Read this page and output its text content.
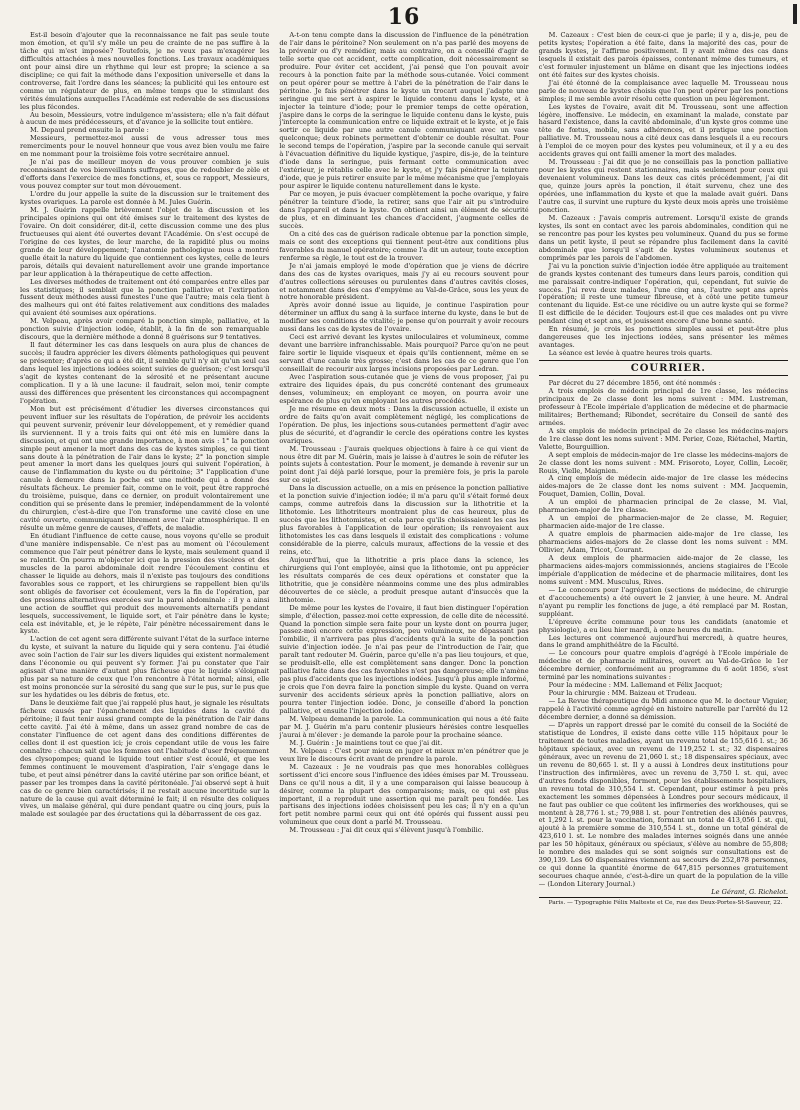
16

Est-il besoin d'ajouter que la reconnaissance ne fait pas seule toute mon émotion, et qu'il s'y mêle un peu de crainte de ne pas suffire à la tâche qui m'est imposée? Toutefois, je ne veux pas m'exagérer les difficultés attachées à mes nouvelles fonctions. Les travaux académiques ont pour ainsi dire un rhythme qui leur est propre; la science a sa discipline; ce qui fait la méthode dans l'exposition universelle et dans la controverse, fait l'ordre dans les séances; la publicité qui les entoure est comme un régulateur de plus, en même temps que le stimulant des vérités émulations auxquelles l'Académie est redevable de ses discussions les plus fécondes.

Au besoin, Messieurs, votre indulgence m'assistera; elle n'a fait défaut à aucun de mes prédécesseurs, et d'avance je la sollicite tout entière.

M. Depaul prend ensuite la parole :

Messieurs, permettez-moi aussi de vous adresser tous mes remerciments pour le nouvel honneur que vous avez bien voulu me faire en me nommant pour la troisième fois votre secrétaire annuel.

Je n'ai pas de meilleur moyen de vous prouver combien je suis reconnaissant de vos bienveillants suffrages, que de redoubler de zèle et d'efforts dans l'exercice de mes fonctions, et, sous ce rapport, Messieurs, vous pouvez compter sur tout mon dévouement.

L'ordre du jour appelle la suite de la discussion sur le traitement des kystes ovariques. La parole est donnée à M. Jules Guérin.

M. J. Guérin rappelle brièvement l'objet de la discussion et les principales opinions qui ont été émises sur le traitement des kystes de l'ovaire. On doit considérer, dit-il, cette discussion comme une des plus fructueuses qui aient été ouvertes devant l'Académie. On s'est occupé de l'origine de ces kystes, de leur marche, de la rapidité plus ou moins grande de leur développement; l'anatomie pathologique nous a montré quelle était la nature du liquide que contiennent ces kystes, celle de leurs parois, détails qui devaient naturellement avoir une grande importance par leur application à la thérapeutique de cette affection.

Les diverses méthodes de traitement ont été comparées entre elles par les statistiques; il semblait que la ponction palliative et l'extirpation fussent deux méthodes aussi funestes l'une que l'autre; mais cela tient à des malheurs qui ont été faites relativement aux conditions des malades qui avaient été soumises aux opérations.

M. Velpeau, après avoir comparé la ponction simple, palliative, et la ponction suivie d'injection iodée, établit, à la fin de son remarquable discours, que la dernière méthode a donné 8 guérisons sur 9 tentatives.

Il faut déterminer les cas dans lesquels on aura plus de chances de succès; il faudra apprécier les divers éléments pathologiques qui peuvent se présenter; d'après ce qui a été dit, il semble qu'il n'y ait qu'un seul cas dans lequel les injections iodées soient suivies de guérison; c'est lorsqu'il s'agit de kystes contenant de la sérosité et ne présentant aucune complication. Il y a là une lacune: il faudrait, selon moi, tenir compte aussi des différences que présentent les circonstances qui accompagnent l'opération.

Mon but est précisément d'étudier les diverses circonstances qui peuvent influer sur les résultats de l'opération, de prévoir les accidents qui peuvent survenir, prévenir leur développement, et y remédier quand ils surviennent. Il y a trois faits qui ont été mis en lumière dans la discussion, et qui ont une grande importance, à mon avis : 1° la ponction simple peut amener la mort dans des cas de kystes simples, ce qui tient sans doute à la pénétration de l'air dans le kyste; 2° la ponction simple peut amener la mort dans les quelques jours qui suivent l'opération, à cause de l'inflammation du kyste ou du péritoine; 3° l'application d'une canule à demeure dans la poche est une méthode qui a donné des résultats fâcheux. Le premier fait, comme on le voit, peut être rapproché du troisième, puisque, dans ce dernier, on produit volontairement une condition qui se présente dans le premier, indépendamment de la volonté du chirurgien, c'est-à-dire que l'on transforme une cavité close en une cavité ouverte, communiquant librement avec l'air atmosphérique. Il en résulte un même genre de causes, d'effets, de maladie.

En étudiant l'influence de cette cause, nous voyons qu'elle se produit d'une manière indispensable. Ce n'est pas au moment où l'écoulement commence que l'air peut pénétrer dans le kyste, mais seulement quand il se ralentit. On pourra m'objecter ici que la pression des viscères et des muscles de la paroi abdominale doit rendre l'écoulement continu et chasser le liquide au dehors, mais il n'existe pas toujours des conditions favorables sous ce rapport, et les chirurgiens se rappellent bien qu'ils sont obligés de favoriser cet écoulement, vers la fin de l'opération, par des pressions alternatives exercées sur la paroi abdominale : il y a ainsi une action de soufflet qui produit des mouvements alternatifs pendant lesquels, successivement, le liquide sort, et l'air pénètre dans le kyste; cela est inévitable, et, je le répète, l'air pénètre nécessairement dans le kyste.

L'action de cet agent sera différente suivant l'état de la surface interne du kyste, et suivant la nature du liquide qui y sera contenu. J'ai étudié avec soin l'action de l'air sur les divers liquides qui existent normalement dans l'économie ou qui peuvent s'y former. J'ai pu constater que l'air agissait d'une manière d'autant plus fâcheuse que le liquide s'éloignait plus par sa nature de ceux que l'on rencontre à l'état normal; ainsi, elle est moins prononcée sur la sérosité du sang que sur le pus, sur le pus que sur les hydatides ou les débris de fœtus, etc.

Dans le deuxième fait que j'ai rappelé plus haut, je signale les résultats fâcheux causés par l'épanchement des liquides dans la cavité du péritoine; il faut tenir aussi grand compte de la pénétration de l'air dans cette cavité. J'ai été à même, dans un assez grand nombre de cas de constater l'influence de cet agent dans des conditions différentes de celles dont il est question ici; je crois cependant utile de vous les faire connaître : chacun sait que les femmes ont l'habitude d'user fréquemment des clysopompes; quand le liquide tout entier s'est écoulé, et que les femmes continuent le mouvement d'aspiration, l'air s'engage dans le tube, et peut ainsi pénétrer dans la cavité utérine par son orifice béant, et passer par les trompes dans la cavité péritonéale. J'ai observé sept à huit cas de ce genre bien caractérisés; il ne restait aucune incertitude sur la nature de la cause qui avait déterminé le fait; il en résulte des coliques vives, un malaise général, qui dure pendant quatre ou cinq jours, puis la malade est soulagée par des éructations qui la débarrassent de ces gaz.

A-t-on tenu compte dans la discussion de l'influence de la pénétration de l'air dans le péritoine? Non seulement on n'a pas parlé des moyens de la prévenir ou d'y remédier, mais au contraire, on a conseillé d'agir de telle sorte que cet accident, cette complication, doit nécessairement se produire. Pour éviter cet accident, j'ai pensé que l'on pouvait avoir recours à la ponction faite par la méthode sous-cutanée. Voici comment on peut opérer pour se mettre à l'abri de la pénétration de l'air dans le péritoine. Je fais pénétrer dans le kyste un trocart auquel j'adapte une seringue qui me sert à aspirer le liquide contenu dans le kyste, et à injecter la teinture d'iode; pour le premier temps de cette opération, j'aspire dans le corps de la seringue le liquide contenu dans le kyste, puis j'intercepte la communication entre ce liquide extrait et le kyste, et je fais sortir ce liquide par une autre canule communiquant avec un vase quelconque; deux robinets permettent d'obtenir ce double résultat. Pour le second temps de l'opération, j'aspire par la seconde canule qui servait à l'évacuation définitive du liquide kystique, j'aspire, dis-je, de la teinture d'iode dans la seringue, puis fermant cette communication avec l'extérieur, je rétablis celle avec le kyste, et j'y fais pénétrer la teinture d'iode, que je puis retirer ensuite par le même mécanisme que j'employais pour aspirer le liquide contenu naturellement dans le kyste.

Par ce moyen, je puis évacuer complètement la poche ovarique, y faire pénétrer la teinture d'iode, la retirer, sans que l'air ait pu s'introduire dans l'appareil et dans le kyste. On obtient ainsi un élément de sécurité de plus, et en diminuant les chances d'accident, j'augmente celles de succès.

On a cité des cas de guérison radicale obtenue par la ponction simple, mais ce sont des exceptions qui tiennent peut-être aux conditions plus favorables du manuel opératoire; comme l'a dit un auteur, toute exception renferme sa règle, le tout est de la trouver.

Je n'ai jamais employé le mode d'opération que je viens de décrire dans des cas de kystes ovariques, mais j'y ai eu recours souvent pour d'autres collections séreuses ou purulentes dans d'autres cavités closes, et notamment dans des cas d'empyème au Val-de-Grâce, sous les yeux de notre honorable président.

Après avoir donné issue au liquide, je continue l'aspiration pour déterminer un afflux du sang à la surface interne du kyste, dans le but de modifier ses conditions de vitalité; je pense qu'on pourrait y avoir recours aussi dans les cas de kystes de l'ovaire.

Ceci est arrivé devant les kystes uniloculaires et volumineux, comme devant une barrière infranchissable. Mais pourquoi? Parce qu'on ne peut faire sortir le liquide visqueux et épais qu'ils contiennent, même en se servant d'une canule très grosse; c'est dans les cas de ce genre que l'on conseillait de recourir aux larges incisions proposées par Ledran.

Avec l'aspiration sous-cutanée que je viens de vous proposer, j'ai pu extraire des liquides épais, du pus concrété contenant des grumeaux denses, volumineux; en employant ce moyen, on pourra avoir une espérance de plus qu'en employant les autres procédés.

Je me résume en deux mots : Dans la discussion actuelle, il existe un ordre de faits qu'on avait complètement négligé, les complications de l'opération. De plus, les injections sous-cutanées permettent d'agir avec plus de sécurité, et d'agrandir le cercle des opérations contre les kystes ovariques.

M. Trousseau : J'aurais quelques objections à faire à ce qui vient de nous être dit par M. Guérin, mais je laisse à d'autres le soin de réfuter les points sujets à contestation. Pour le moment, je demande à revenir sur un point dont j'ai déjà parlé lorsque, pour la première fois, je pris la parole sur ce sujet.

Dans la discussion actuelle, on a mis en présence la ponction palliative et la ponction suivie d'injection iodée; il m'a paru qu'il s'était formé deux camps, comme autrefois dans la discussion sur la lithotritie et la lithotomie. Les lithotriteurs montraient plus de cas heureux, plus de succès que les lithotomistes, et cela parce qu'ils choisissaient les cas les plus favorables à l'application de leur opération; ils renvoyaient aux lithotomistes les cas dans lesquels il existait des complications : volume considérable de la pierre, calculs muraux, affections de la vessie et des reins, etc.

Aujourd'hui, que la lithotritie a pris place dans la science, les chirurgiens qui l'ont employée, ainsi que la lithotomie, ont pu apprécier les résultats comparés de ces deux opérations et constater que la lithotritie, que je considère néanmoins comme une des plus admirables découvertes de ce siècle, a produit presque autant d'insuccès que la lithotomie.

De même pour les kystes de l'ovaire, il faut bien distinguer l'opération simple, d'élection, passez-moi cette expression, de celle dite de nécessité. Quand la ponction simple sera faite pour un kyste dont on pourra juger, passez-moi encore cette expression, peu volumineux, ne dépassant pas l'ombilic, il n'arrivera pas plus d'accidents qu'à la suite de la ponction suivie d'injection iodée. Je n'ai pas peur de l'introduction de l'air, que paraît tant redouter M. Guérin, parce qu'elle n'a pas lieu toujours, et que, se produisît-elle, elle est complètement sans danger. Donc la ponction palliative faite dans des cas favorables n'est pas dangereuse; elle n'amène pas plus d'accidents que les injections iodées. Jusqu'à plus ample informé, je crois que l'on devra faire la ponction simple du kyste. Quand on verra survenir des accidents sérieux après la ponction palliative, alors on pourra tenter l'injection iodée. Donc, je conseille d'abord la ponction palliative, et ensuite l'injection iodée.

M. Velpeau demande la parole. La communication qui nous a été faite par M. J. Guérin m'a paru contenir plusieurs hérésies contre lesquelles j'aurai à m'élever : je demande la parole pour la prochaine séance.

M. J. Guérin : Je maintiens tout ce que j'ai dit.

M. Velpeau : C'est pour mieux en juger et mieux m'en pénétrer que je veux lire le discours écrit avant de prendre la parole.

M. Cazeaux : Je ne voudrais pas que mes honorables collègues sortissent d'ici encore sous l'influence des idées émises par M. Trousseau. Dans ce qu'il nous a dit, il y a une comparaison qui laisse beaucoup à désirer, comme la plupart des comparaisons; mais, ce qui est plus important, il a reproduit une assertion qui me paraît peu fondée. Les partisans des injections iodées choisissent peu les cas; il n'y en a qu'un fort petit nombre parmi ceux qui ont été opérés qui fussent aussi peu volumineux que ceux dont a parlé M. Trousseau.

M. Trousseau : J'ai dit ceux qui s'élèvent jusqu'à l'ombilic.

M. Cazeaux : C'est bien de ceux-ci que je parle; il y a, dis-je, peu de petits kystes; l'opération a été faite, dans la majorité des cas, pour de grands kystes, je l'affirme positivement. Il y avait même des cas dans lesquels il existait des parois épaisses, contenant même des tumeurs, et c'est formuler injustement un blâme en disant que les injections iodées ont été faites sur des kystes choisis.

J'ai été étonné de la complaisance avec laquelle M. Trousseau nous parle de nouveau de kystes choisis que l'on peut opérer par les ponctions simples; il me semble avoir résolu cette question un peu légèrement.

Les kystes de l'ovaire, avait dit M. Trousseau, sont une affection légère, inoffensive. Le médecin, en examinant la malade, constate par hasard l'existence, dans la cavité abdominale, d'un kyste gros comme une tête de fœtus, mobile, sans adhérences, et il pratique une ponction palliative. M. Trousseau nous a cité deux cas dans lesquels il a eu recours à l'emploi de ce moyen pour des kystes peu volumineux, et il y a eu des accidents graves qui ont failli amener la mort des malades.

M. Trousseau : J'ai dit que je ne conseillais pas la ponction palliative pour les kystes qui restent stationnaires, mais seulement pour ceux qui devenaient volumineux. Dans les deux cas cités précédemment, j'ai dit que, quinze jours après la ponction, il était survenu, chez une des opérées, une inflammation du kyste et que la malade avait guéri. Dans l'autre cas, il survint une rupture du kyste deux mois après une troisième ponction.

M. Cazeaux : J'avais compris autrement. Lorsqu'il existe de grands kystes, ils sont en contact avec les parois abdominales, condition qui ne se rencontre pas pour les kystes peu volumineux. Quand du pus se forme dans un petit kyste, il peut se répandre plus facilement dans la cavité abdominale que lorsqu'il s'agit de kystes volumineux soutenus et comprimés par les parois de l'abdomen.

J'ai vu la ponction suivie d'injection iodée être appliquée au traitement de grands kystes contenant des tumeurs dans leurs parois, condition qui me paraissait contre-indiquer l'opération, qui, cependant, fut suivie de succès. J'ai revu deux malades, l'une cinq ans, l'autre sept ans après l'opération; il reste une tumeur fibreuse, et à côté une petite tumeur contenant du liquide. Est-ce une récidive ou un autre kyste qui se forme? Il est difficile de le décider. Toujours est-il que ces malades ont pu vivre pendant cinq et sept ans, et jouissent encore d'une bonne santé.

En résumé, je crois les ponctions simples aussi et peut-être plus dangereuses que les injections iodées, sans présenter les mêmes avantages.

La séance est levée à quatre heures trois quarts.

COURRIER.

Par décret du 27 décembre 1856, ont été nommés :

A trois emplois de médecin principal de 1re classe, les médecins principaux de 2e classe dont les noms suivent : MM. Lustreman, professeur à l'Ecole impériale d'application de médecine et de pharmacie militaires; Berthemand; Ribondet, secrétaire du Conseil de santé des armées.

A six emplois de médecin principal de 2e classe les médecins-majors de 1re classe dont les noms suivent : MM. Perier, Coze, Riétachel, Martin, Valette, Bourguillion.

A sept emplois de médecin-major de 1re classe les médecins-majors de 2e classe dont les noms suivent : MM. Frisoroto, Loyer, Collin, Lecoër, Rouis, Vielle, Maignien.

A cinq emplois de médecin aide-major de 1re classe les médecins aides-majors de 2e classe dont les noms suivent : MM. Jacquemin, Fouquet, Damien, Collin, Doval.

A un emploi de pharmacien principal de 2e classe, M. Vial, pharmacien-major de 1re classe.

A un emploi de pharmacien-major de 2e classe, M. Reguier, pharmacien aide-major de 1re classe.

A quatre emplois de pharmacien aide-major de 1re classe, les pharmaciens aides-majors de 2e classe dont les noms suivent : MM. Ollivier, Adam, Tricot, Courant.

A deux emplois de pharmacien aide-major de 2e classe, les pharmaciens aides-majors commissionnés, anciens stagiaires de l'Ecole impériale d'application de médecine et de pharmacie militaires, dont les noms suivent : MM. Musculus, Rives.

— Le concours pour l'agrégation (sections de médecine, de chirurgie et d'accouchements) a été ouvert le 2 janvier, à une heure. M. Andral n'ayant pu remplir les fonctions de juge, a été remplacé par M. Rostan, suppléant.

L'épreuve écrite commune pour tous les candidats (anatomie et physiologie), a eu lieu hier mardi, à onze heures du matin.

Les lectures ont commencé aujourd'hui mercredi, à quatre heures, dans le grand amphithéâtre de la Faculté.

— Le concours pour quatre emplois d'agrégé à l'Ecole impériale de médecine et de pharmacie militaires, ouvert au Val-de-Grâce le 1er décembre dernier, conformément au programme du 6 août 1856, s'est terminé par les nominations suivantes :

Pour la médecine : MM. Lallemand et Félix Jacquot;

Pour la chirurgie : MM. Baizeau et Trudeau.

— La Revue thérapeutique du Midi annonce que M. le docteur Viguier, rappelé à l'activité comme agrégé en histoire naturelle par l'arrêté du 12 décembre dernier, a donné sa démission.

— D'après un rapport dressé par le comité du conseil de la Société de statistique de Londres, il existe dans cette ville 115 hôpitaux pour le traitement de toutes maladies, ayant un revenu total de 155,616 l. st.; 36 hôpitaux spéciaux, avec un revenu de 119,252 l. st.; 32 dispensaires généraux, avec un revenu de 21,060 l. st.; 18 dispensaires spéciaux, avec un revenu de 80,665 l. st. Il y a aussi à Londres deux institutions pour l'instruction des infirmières, avec un revenu de 3,750 l. st. qui, avec d'autres fonds disponibles, forment, pour les établissements hospitaliers, un revenu total de 310,554 l. st. Cependant, pour estimer à peu près exactement les sommes dépensées à Londres pour secours médicaux, il ne faut pas oublier ce que coûtent les infirmeries des workhouses, qui se montent à 28,776 l. st.; 79,988 l. st. pour l'entretien des aliénés pauvres, et 1,292 l. st. pour la vaccination, formant un total de 413,056 l. st. qui, ajouté à la première somme de 310,554 l. st., donne un total général de 423,610 l. st. Le nombre des malades internes soignés dans une année par les 50 hôpitaux, généraux ou spéciaux, s'élève au nombre de 55,808; le nombre des malades qui se sont soignés sur consultations est de 390,139. Les 60 dispensaires viennent au secours de 252,878 personnes, ce qui donne la quantité énorme de 647,815 personnes gratuitement secourues chaque année, c'est-à-dire un quart de la population de la ville — (London Literary Journal.)

Le Gérant, G. Richelot.

Paris. — Typographie Félix Malteste et Ce, rue des Deux-Portes-St-Sauveur, 22.
